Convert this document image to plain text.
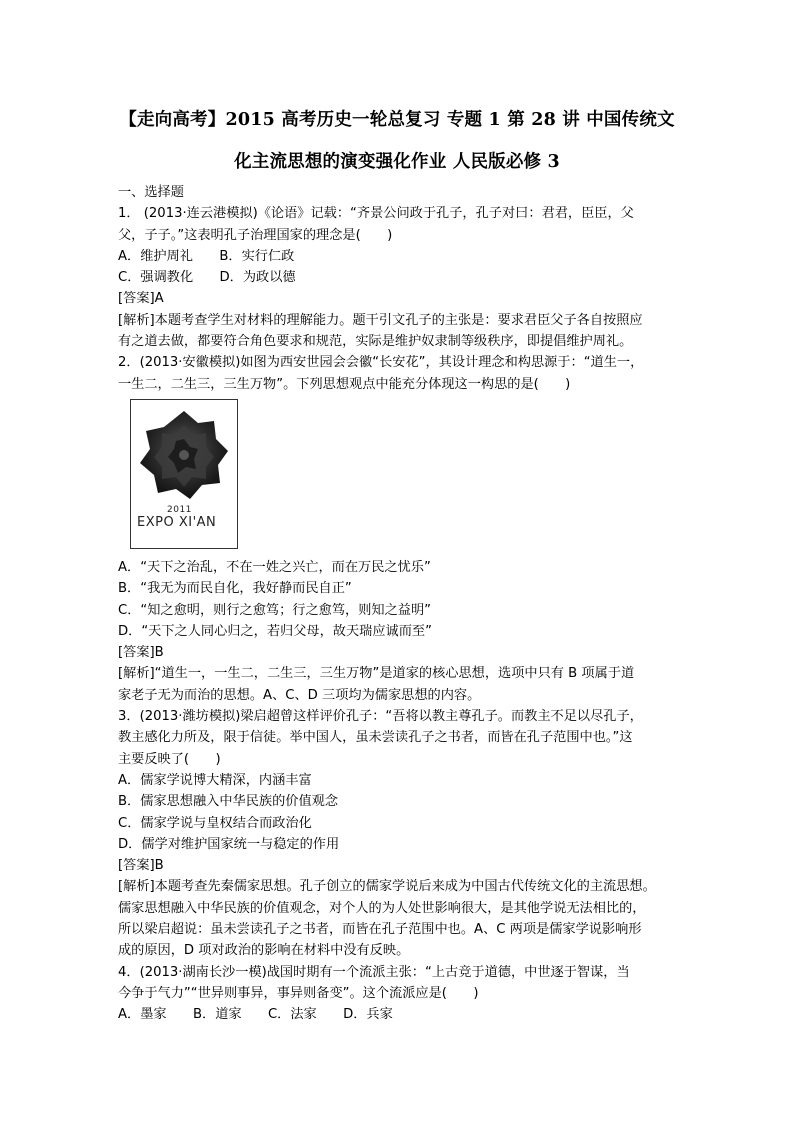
【走向高考】2015 高考历史一轮总复习 专题 1 第 28 讲 中国传统文
化主流思想的演变强化作业 人民版必修 3
一、选择题
1． (2013·连云港模拟)《论语》记载：“齐景公问政于孔子，孔子对曰：君君，臣臣，父
父，子子。”这表明孔子治理国家的理念是(　　)
A．维护周礼　　B．实行仁政
C．强调教化　　D．为政以德
[答案]A
[解析]本题考查学生对材料的理解能力。题干引文孔子的主张是：要求君臣父子各自按照应
有之道去做，都要符合角色要求和规范，实际是维护奴隶制等级秩序，即提倡维护周礼。
2．(2013·安徽模拟)如图为西安世园会会徽“长安花”，其设计理念和构思源于：“道生一，
一生二，二生三，三生万物”。下列思想观点中能充分体现这一构思的是(　　)
EXPO XI'AN
2011
A．“天下之治乱，不在一姓之兴亡，而在万民之忧乐”
B．“我无为而民自化，我好静而民自正”
C．“知之愈明，则行之愈笃；行之愈笃，则知之益明”
D．“天下之人同心归之，若归父母，故天瑞应诚而至”
[答案]B
[解析]“道生一，一生二，二生三，三生万物”是道家的核心思想，选项中只有 B 项属于道
家老子无为而治的思想。A、C、D 三项均为儒家思想的内容。
3．(2013·潍坊模拟)梁启超曾这样评价孔子：“吾将以教主尊孔子。而教主不足以尽孔子，
教主感化力所及，限于信徒。举中国人，虽未尝读孔子之书者，而皆在孔子范围中也。”这
主要反映了(　　)
A．儒家学说博大精深，内涵丰富
B．儒家思想融入中华民族的价值观念
C．儒家学说与皇权结合而政治化
D．儒学对维护国家统一与稳定的作用
[答案]B
[解析]本题考查先秦儒家思想。孔子创立的儒家学说后来成为中国古代传统文化的主流思想。
儒家思想融入中华民族的价值观念，对个人的为人处世影响很大，是其他学说无法相比的，
所以梁启超说：虽未尝读孔子之书者，而皆在孔子范围中也。A、C 两项是儒家学说影响形
成的原因，D 项对政治的影响在材料中没有反映。
4．(2013·湖南长沙一模)战国时期有一个流派主张：“上古竞于道德，中世逐于智谋，当
今争于气力”“世异则事异，事异则备变”。这个流派应是(　　)
A．墨家　　B．道家　　C．法家　　D．兵家
